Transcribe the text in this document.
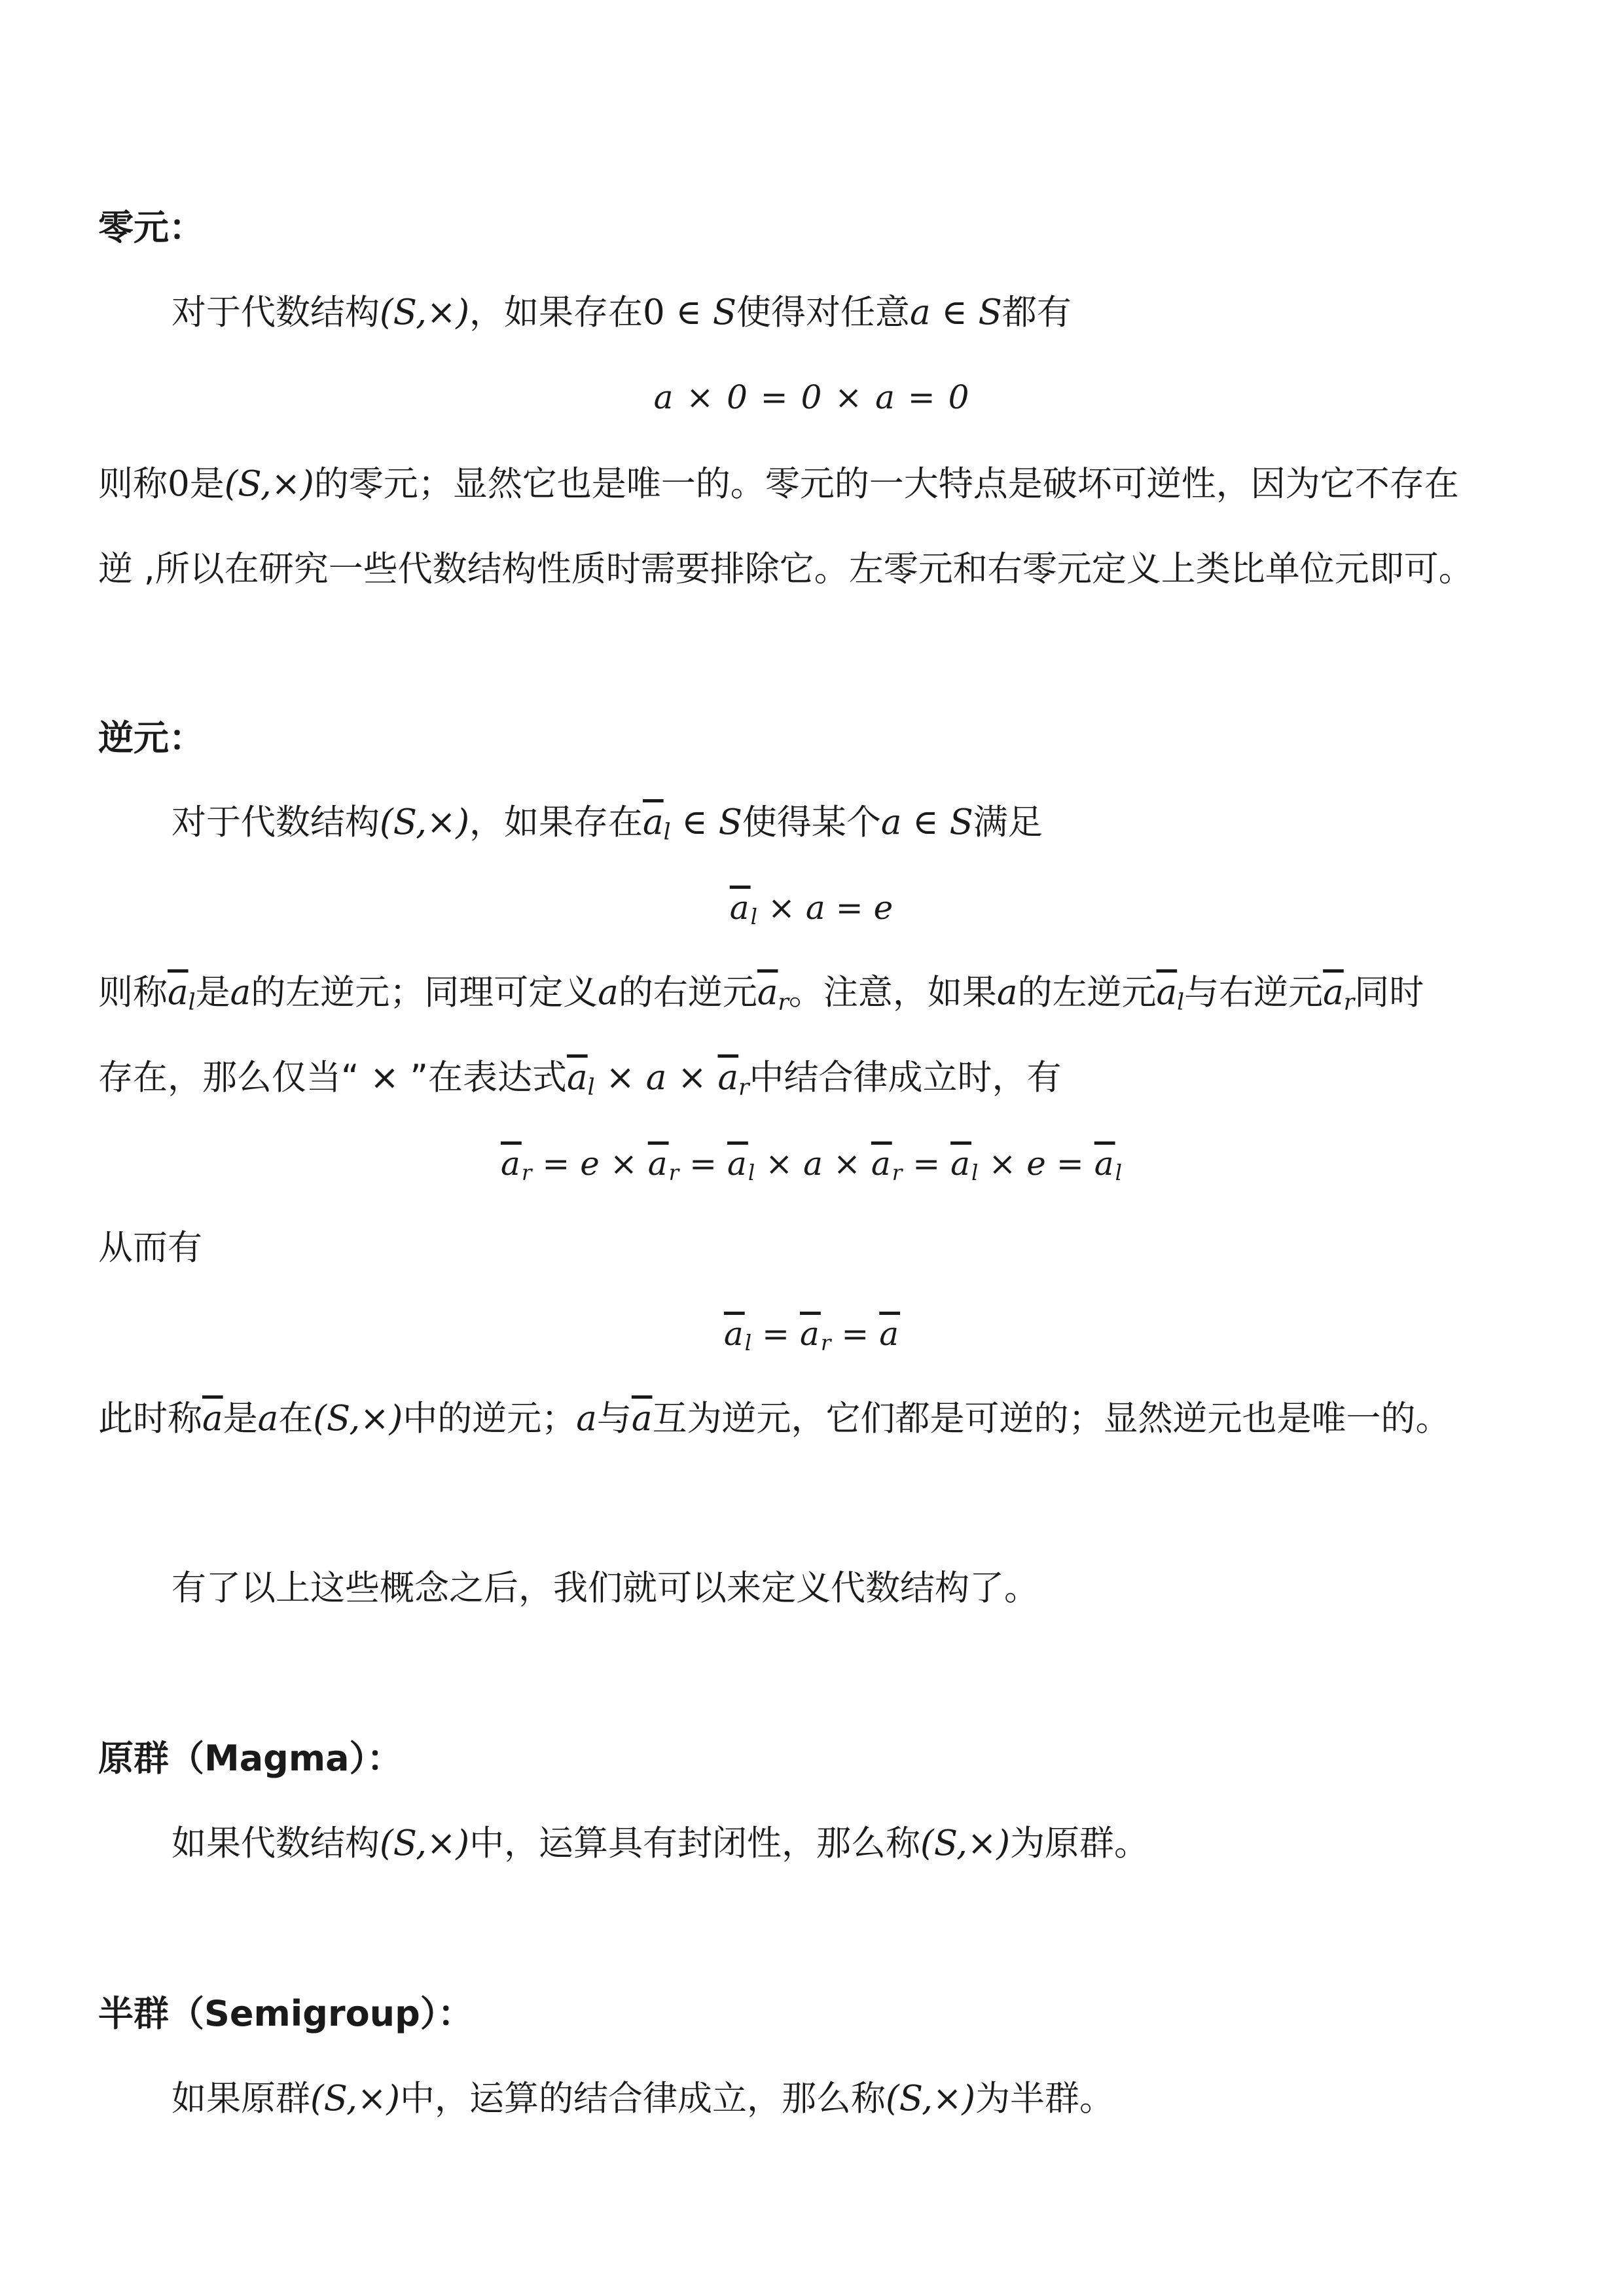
零元：
对于代数结构(S,×)，如果存在0 ∈ S使得对任意a ∈ S都有
a × 0 = 0 × a = 0
则称0是(S,×)的零元；显然它也是唯一的。零元的一大特点是破坏可逆性，因为它不存在
逆 ,所以在研究一些代数结构性质时需要排除它。左零元和右零元定义上类比单位元即可。
逆元：
对于代数结构(S,×)，如果存在$\overline{a}_l$ ∈ S使得某个a ∈ S满足
$\overline{a}_l \times a = e$
则称$\overline{a}_l$是a的左逆元；同理可定义a的右逆元$\overline{a}_r$。注意，如果a的左逆元$\overline{a}_l$与右逆元$\overline{a}_r$同时
存在，那么仅当“ × ”在表达式$\overline{a}_l \times a \times \overline{a}_r$中结合律成立时，有
$\overline{a}_r = e \times \overline{a}_r = \overline{a}_l \times a \times \overline{a}_r = \overline{a}_l \times e = \overline{a}_l$
从而有
$\overline{a}_l = \overline{a}_r = \overline{a}$
此时称$\overline{a}$是a在(S,×)中的逆元；a与$\overline{a}$互为逆元，它们都是可逆的；显然逆元也是唯一的。
有了以上这些概念之后，我们就可以来定义代数结构了。
原群（Magma）：
如果代数结构(S,×)中，运算具有封闭性，那么称(S,×)为原群。
半群（Semigroup）：
如果原群(S,×)中，运算的结合律成立，那么称(S,×)为半群。
